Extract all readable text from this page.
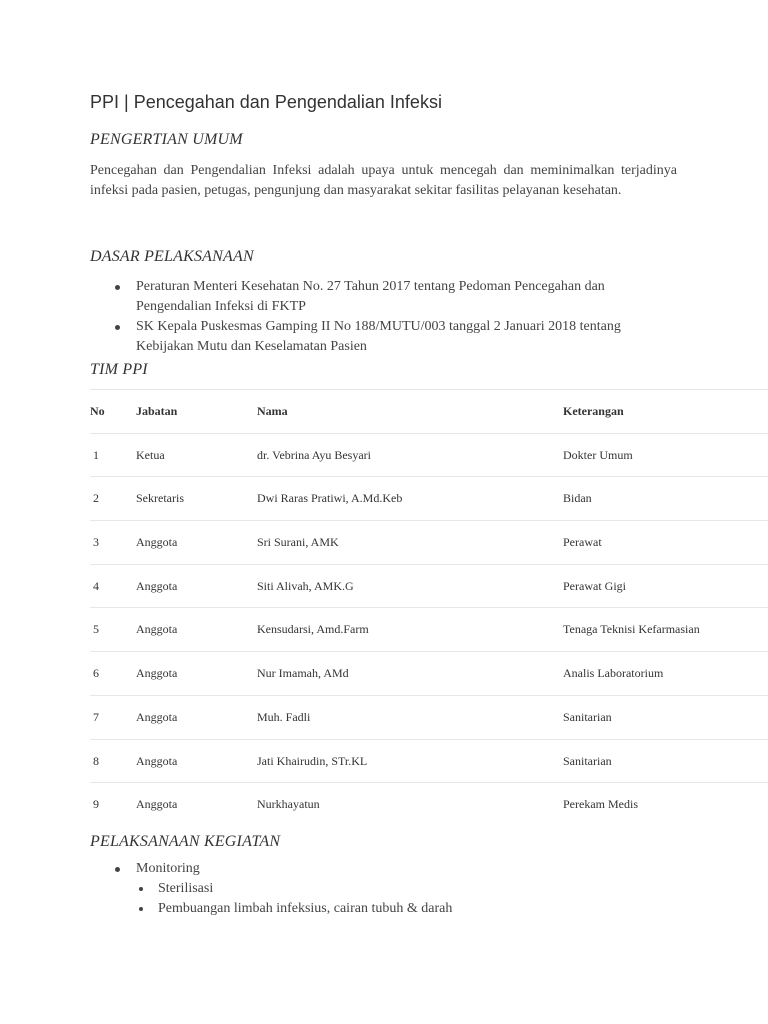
PPI | Pencegahan dan Pengendalian Infeksi
PENGERTIAN UMUM

Pencegahan dan Pengendalian Infeksi adalah upaya untuk mencegah dan meminimalkan terjadinya infeksi pada pasien, petugas, pengunjung dan masyarakat sekitar fasilitas pelayanan kesehatan.

DASAR PELAKSANAAN
Peraturan Menteri Kesehatan No. 27 Tahun 2017 tentang Pedoman Pencegahan dan Pengendalian Infeksi di FKTP
SK Kepala Puskesmas Gamping II No 188/MUTU/003 tanggal 2 Januari 2018 tentang Kebijakan Mutu dan Keselamatan Pasien
TIM PPI
No	Jabatan	Nama	Keterangan
1	Ketua	dr. Vebrina Ayu Besyari	Dokter Umum
2	Sekretaris	Dwi Raras Pratiwi, A.Md.Keb	Bidan
3	Anggota	Sri Surani, AMK	Perawat
4	Anggota	Siti Alivah, AMK.G	Perawat Gigi
5	Anggota	Kensudarsi, Amd.Farm	Tenaga Teknisi Kefarmasian
6	Anggota	Nur Imamah, AMd	Analis Laboratorium
7	Anggota	Muh. Fadli	Sanitarian
8	Anggota	Jati Khairudin, STr.KL	Sanitarian
9	Anggota	Nurkhayatun	Perekam Medis
PELAKSANAAN KEGIATAN
Monitoring
Sterilisasi
Pembuangan limbah infeksius, cairan tubuh & darah
